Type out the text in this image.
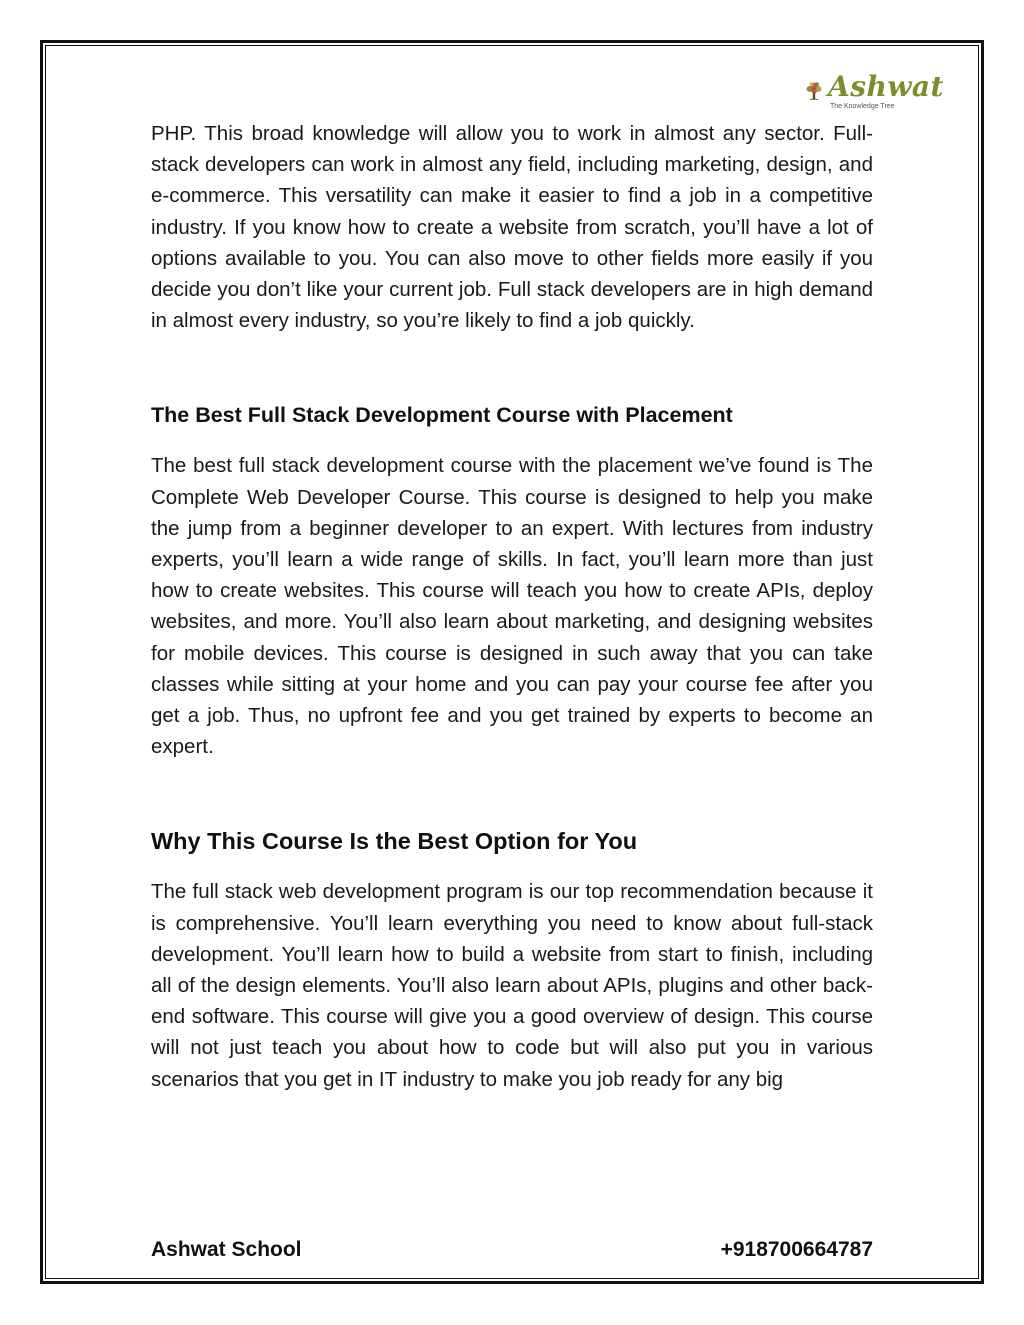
Ashwat
The Knowledge Tree

PHP. This broad knowledge will allow you to work in almost any sector. Full-stack developers can work in almost any field, including marketing, design, and e-commerce. This versatility can make it easier to find a job in a competitive industry. If you know how to create a website from scratch, you’ll have a lot of options available to you. You can also move to other fields more easily if you decide you don’t like your current job. Full stack developers are in high demand in almost every industry, so you’re likely to find a job quickly.

The Best Full Stack Development Course with Placement

The best full stack development course with the placement we’ve found is The Complete Web Developer Course. This course is designed to help you make the jump from a beginner developer to an expert. With lectures from industry experts, you’ll learn a wide range of skills. In fact, you’ll learn more than just how to create websites. This course will teach you how to create APIs, deploy websites, and more. You’ll also learn about marketing, and designing websites for mobile devices. This course is designed in such away that you can take classes while sitting at your home and you can pay your course fee after you get a job. Thus, no upfront fee and you get trained by experts to become an expert.

Why This Course Is the Best Option for You

The full stack web development program is our top recommendation because it is comprehensive. You’ll learn everything you need to know about full-stack development. You’ll learn how to build a website from start to finish, including all of the design elements. You’ll also learn about APIs, plugins and other back-end software. This course will give you a good overview of design. This course will not just teach you about how to code but will also put you in various scenarios that you get in IT industry to make you job ready for any big

Ashwat School	+918700664787
